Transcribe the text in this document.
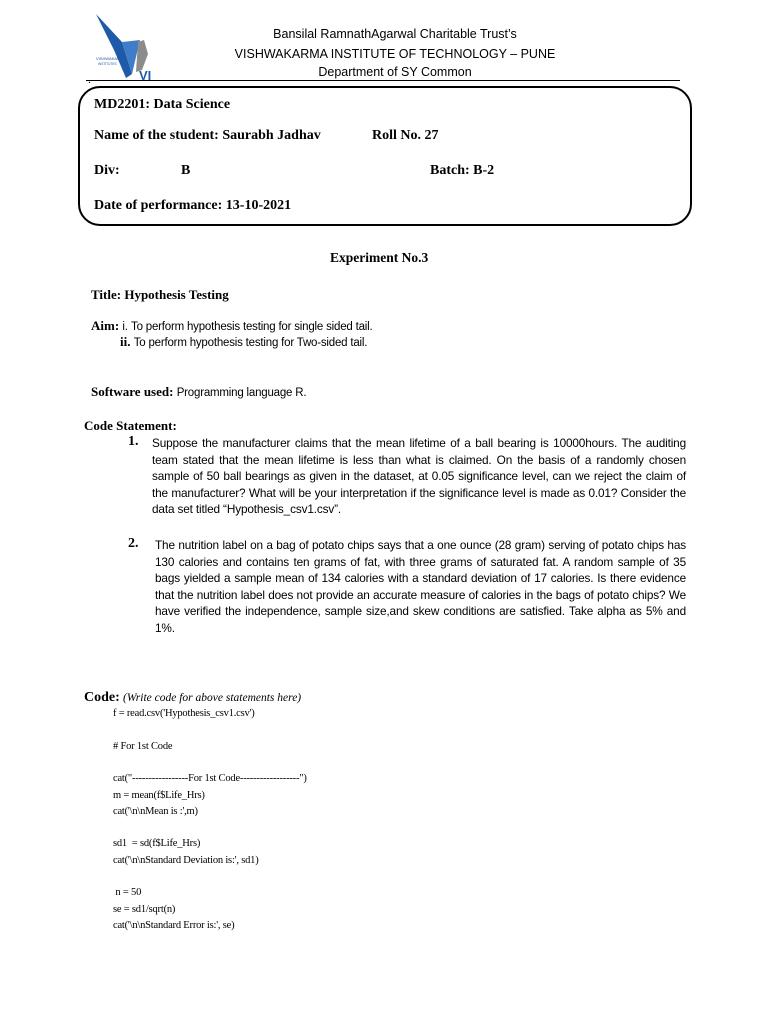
VISHWAKARMA
INSTITUTES
VI
Bansilal RamnathAgarwal Charitable Trust’s
VISHWAKARMA INSTITUTE OF TECHNOLOGY – PUNE
Department of SY Common
.
MD2201: Data Science
Name of the student: Saurabh Jadhav	Roll No. 27
Div:	B	Batch: B-2
Date of performance: 13-10-2021
Experiment No.3
Title: Hypothesis Testing
Aim: i. To perform hypothesis testing for single sided tail.
ii. To perform hypothesis testing for Two-sided tail.
Software used: Programming language R.
Code Statement:
1. Suppose the manufacturer claims that the mean lifetime of a ball bearing is 10000hours. The auditing team stated that the mean lifetime is less than what is claimed. On the basis of a randomly chosen sample of 50 ball bearings as given in the dataset, at 0.05 significance level, can we reject the claim of the manufacturer? What will be your interpretation if the significance level is made as 0.01? Consider the data set titled “Hypothesis_csv1.csv”.
2. The nutrition label on a bag of potato chips says that a one ounce (28 gram) serving of potato chips has 130 calories and contains ten grams of fat, with three grams of saturated fat. A random sample of 35 bags yielded a sample mean of 134 calories with a standard deviation of 17 calories. Is there evidence that the nutrition label does not provide an accurate measure of calories in the bags of potato chips? We have verified the independence, sample size,and skew conditions are satisfied. Take alpha as 5% and 1%.
Code: (Write code for above statements here)
f = read.csv('Hypothesis_csv1.csv')
# For 1st Code
cat("-----------------For 1st Code------------------")
m = mean(f$Life_Hrs)
cat('\n\nMean is :',m)
sd1  = sd(f$Life_Hrs)
cat('\n\nStandard Deviation is:', sd1)
n = 50
se = sd1/sqrt(n)
cat('\n\nStandard Error is:', se)
